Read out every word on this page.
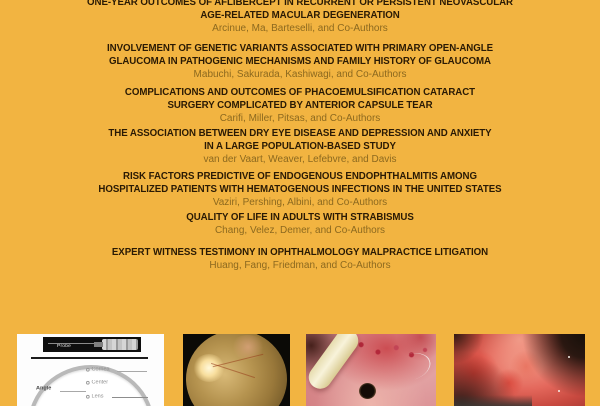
ONE-YEAR OUTCOMES OF AFLIBERCEPT IN RECURRENT OR PERSISTENT NEOVASCULAR
AGE-RELATED MACULAR DEGENERATION
Arcinue, Ma, Barteselli, and Co-Authors
INVOLVEMENT OF GENETIC VARIANTS ASSOCIATED WITH PRIMARY OPEN-ANGLE
GLAUCOMA IN PATHOGENIC MECHANISMS AND FAMILY HISTORY OF GLAUCOMA
Mabuchi, Sakurada, Kashiwagi, and Co-Authors
COMPLICATIONS AND OUTCOMES OF PHACOEMULSIFICATION CATARACT
SURGERY COMPLICATED BY ANTERIOR CAPSULE TEAR
Carifi, Miller, Pitsas, and Co-Authors
THE ASSOCIATION BETWEEN DRY EYE DISEASE AND DEPRESSION AND ANXIETY
IN A LARGE POPULATION-BASED STUDY
van der Vaart, Weaver, Lefebvre, and Davis
RISK FACTORS PREDICTIVE OF ENDOGENOUS ENDOPHTHALMITIS AMONG
HOSPITALIZED PATIENTS WITH HEMATOGENOUS INFECTIONS IN THE UNITED STATES
Vaziri, Pershing, Albini, and Co-Authors
QUALITY OF LIFE IN ADULTS WITH STRABISMUS
Chang, Velez, Demer, and Co-Authors
EXPERT WITNESS TESTIMONY IN OPHTHALMOLOGY MALPRACTICE LITIGATION
Huang, Fang, Friedman, and Co-Authors
Probe
Cornea
Center
Angle
Lens
